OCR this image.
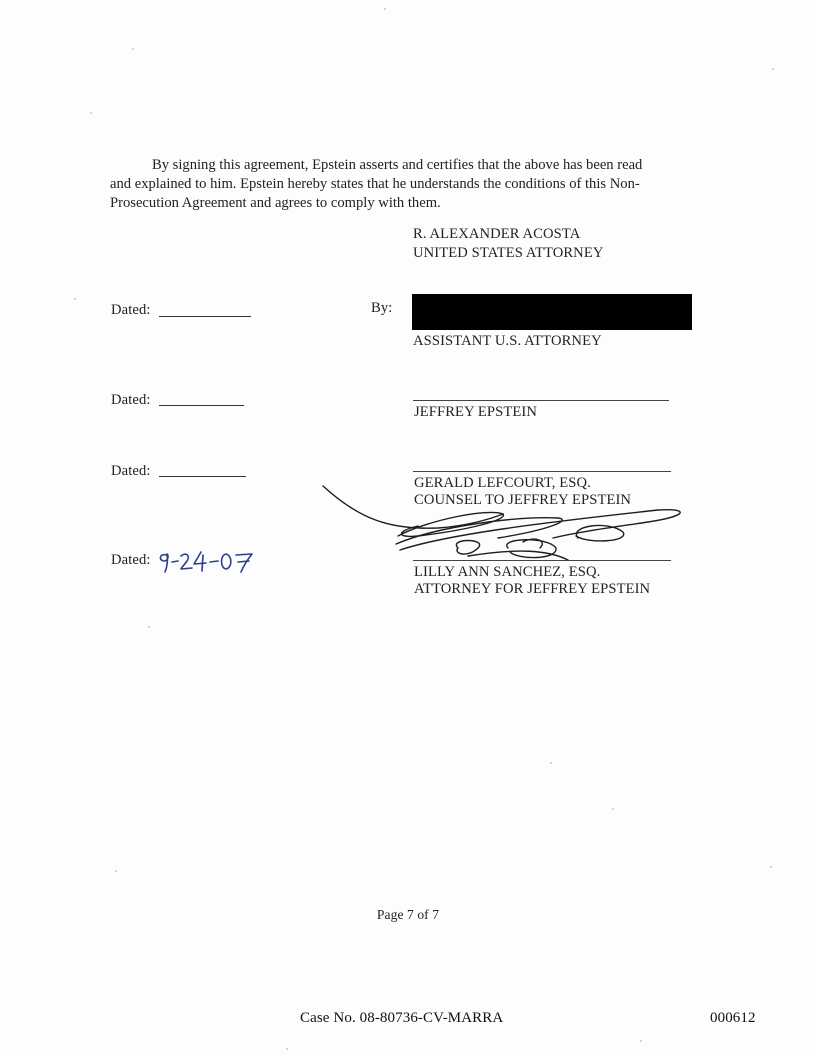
By signing this agreement, Epstein asserts and certifies that the above has been read
and explained to him. Epstein hereby states that he understands the conditions of this Non-
Prosecution Agreement and agrees to comply with them.
R. ALEXANDER ACOSTA
UNITED STATES ATTORNEY
Dated:	By:
ASSISTANT U.S. ATTORNEY
Dated:
JEFFREY EPSTEIN
Dated:
GERALD LEFCOURT, ESQ.
COUNSEL TO JEFFREY EPSTEIN
Dated:
LILLY ANN SANCHEZ, ESQ.
ATTORNEY FOR JEFFREY EPSTEIN
Page 7 of 7
Case No. 08-80736-CV-MARRA	000612
